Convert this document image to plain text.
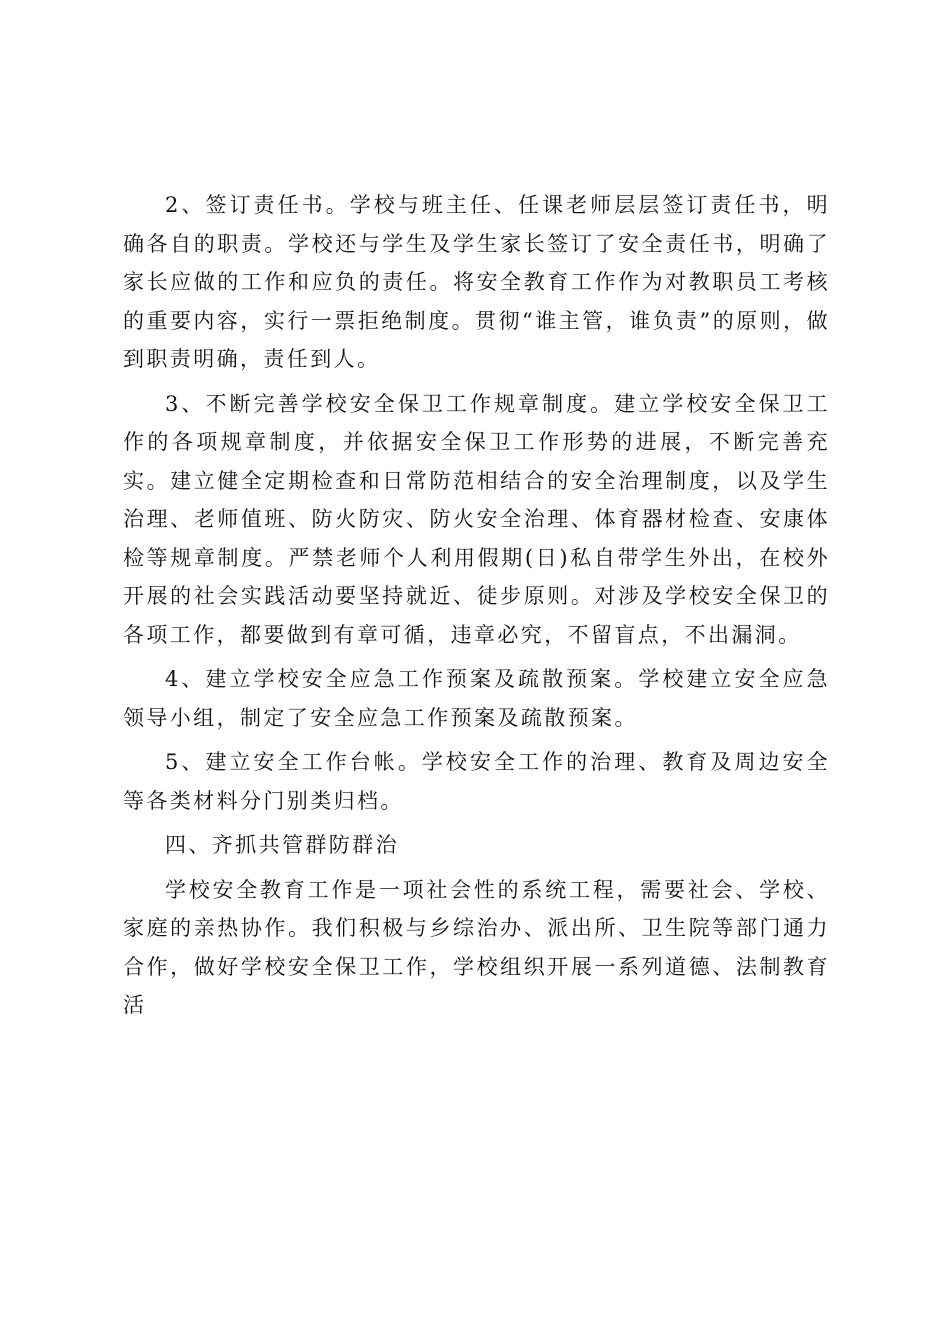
2、签订责任书。学校与班主任、任课老师层层签订责任书，明确各自的职责。学校还与学生及学生家长签订了安全责任书，明确了家长应做的工作和应负的责任。将安全教育工作作为对教职员工考核的重要内容，实行一票拒绝制度。贯彻“谁主管，谁负责”的原则，做到职责明确，责任到人。

3、不断完善学校安全保卫工作规章制度。建立学校安全保卫工作的各项规章制度，并依据安全保卫工作形势的进展，不断完善充实。建立健全定期检查和日常防范相结合的安全治理制度，以及学生治理、老师值班、防火防灾、防火安全治理、体育器材检查、安康体检等规章制度。严禁老师个人利用假期(日)私自带学生外出，在校外开展的社会实践活动要坚持就近、徒步原则。对涉及学校安全保卫的各项工作，都要做到有章可循，违章必究，不留盲点，不出漏洞。

4、建立学校安全应急工作预案及疏散预案。学校建立安全应急领导小组，制定了安全应急工作预案及疏散预案。

5、建立安全工作台帐。学校安全工作的治理、教育及周边安全等各类材料分门别类归档。

四、齐抓共管群防群治

学校安全教育工作是一项社会性的系统工程，需要社会、学校、家庭的亲热协作。我们积极与乡综治办、派出所、卫生院等部门通力合作，做好学校安全保卫工作，学校组织开展一系列道德、法制教育活
